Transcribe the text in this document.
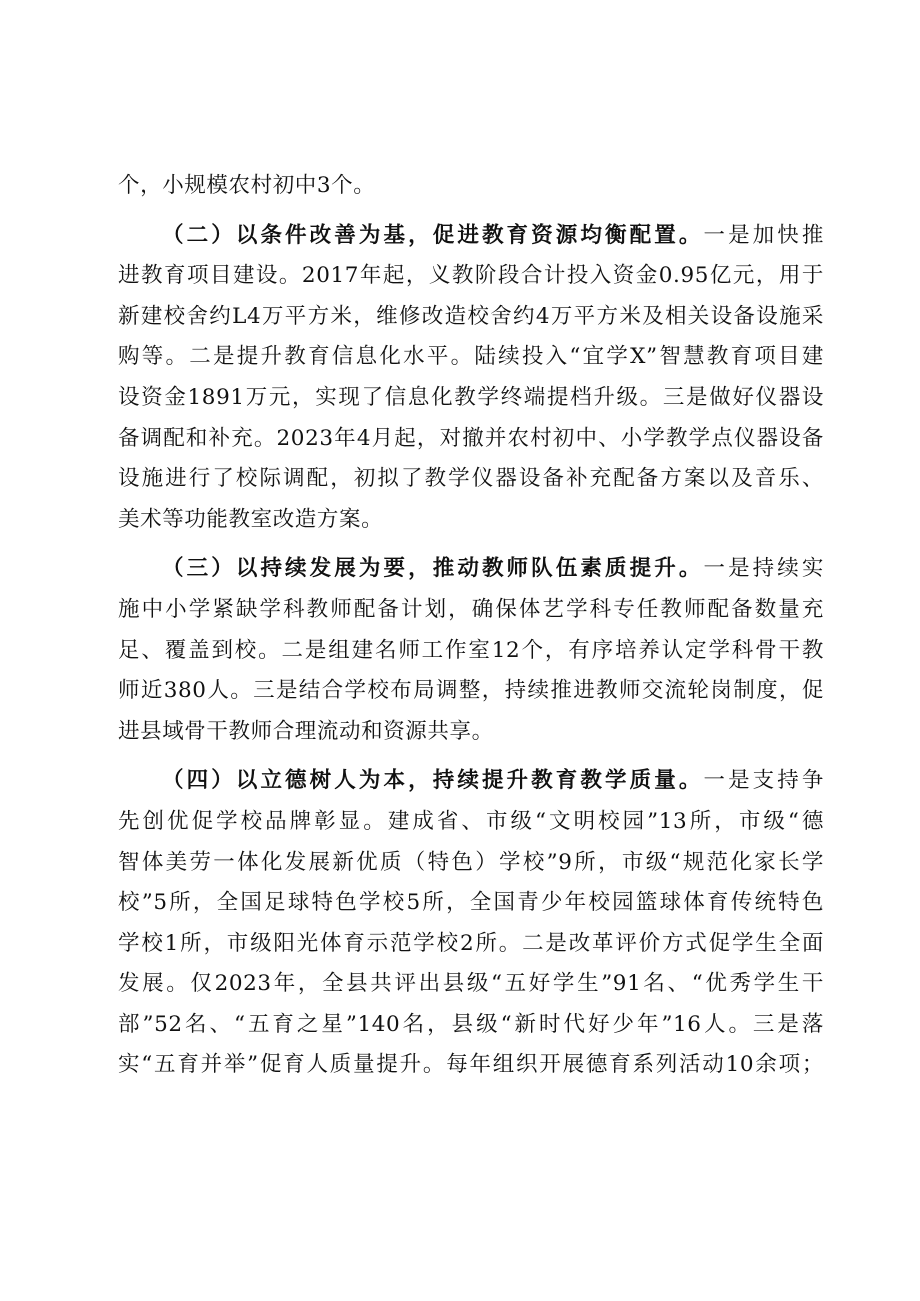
个，小规模农村初中3个。
（二）以条件改善为基，促进教育资源均衡配置。一是加快推
进教育项目建设。2017年起，义教阶段合计投入资金0.95亿元，用于
新建校舍约L4万平方米，维修改造校舍约4万平方米及相关设备设施采
购等。二是提升教育信息化水平。陆续投入“宜学X”智慧教育项目建
设资金1891万元，实现了信息化教学终端提档升级。三是做好仪器设
备调配和补充。2023年4月起，对撤并农村初中、小学教学点仪器设备
设施进行了校际调配，初拟了教学仪器设备补充配备方案以及音乐、
美术等功能教室改造方案。
（三）以持续发展为要，推动教师队伍素质提升。一是持续实
施中小学紧缺学科教师配备计划，确保体艺学科专任教师配备数量充
足、覆盖到校。二是组建名师工作室12个，有序培养认定学科骨干教
师近380人。三是结合学校布局调整，持续推进教师交流轮岗制度，促
进县域骨干教师合理流动和资源共享。
（四）以立德树人为本，持续提升教育教学质量。一是支持争
先创优促学校品牌彰显。建成省、市级“文明校园”13所，市级“德
智体美劳一体化发展新优质（特色）学校”9所，市级“规范化家长学
校”5所，全国足球特色学校5所，全国青少年校园篮球体育传统特色
学校1所，市级阳光体育示范学校2所。二是改革评价方式促学生全面
发展。仅2023年，全县共评出县级“五好学生”91名、“优秀学生干
部”52名、“五育之星”140名，县级“新时代好少年”16人。三是落
实“五育并举”促育人质量提升。每年组织开展德育系列活动10余项；
